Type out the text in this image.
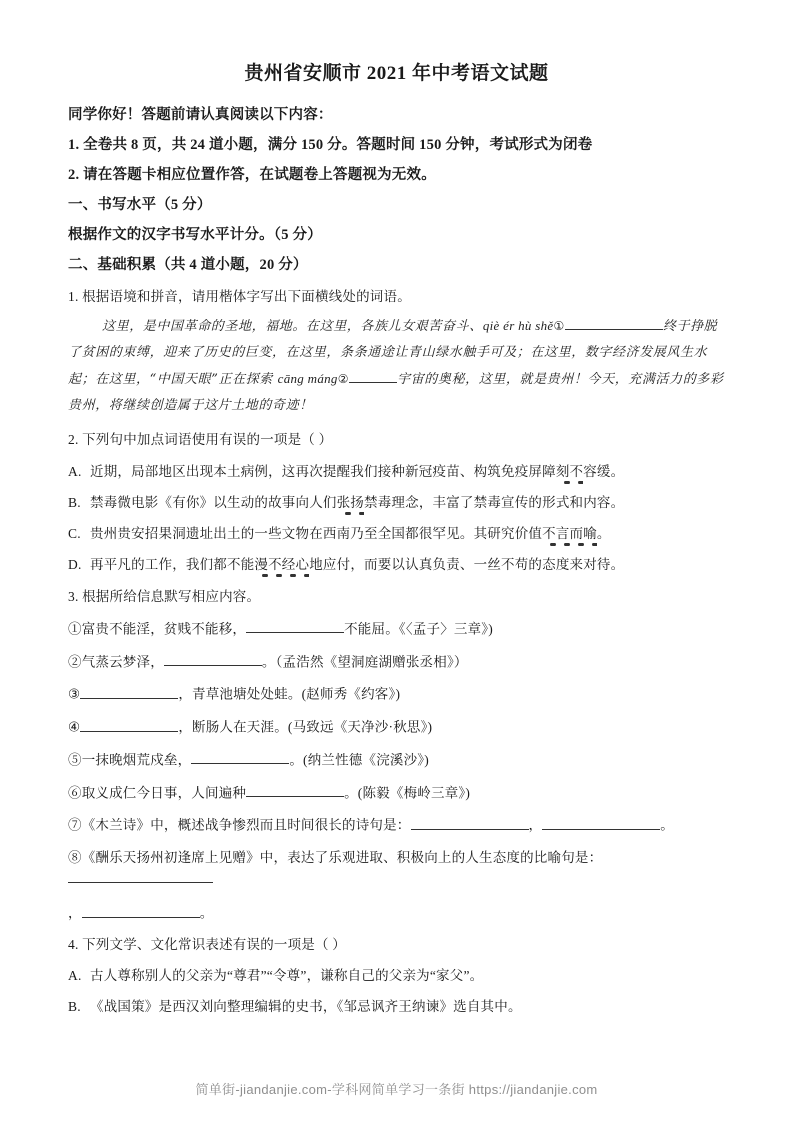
贵州省安顺市 2021 年中考语文试题

同学你好！答题前请认真阅读以下内容：

1. 全卷共 8 页，共 24 道小题，满分 150 分。答题时间 150 分钟，考试形式为闭卷

2. 请在答题卡相应位置作答，在试题卷上答题视为无效。

一、书写水平（5 分）

根据作文的汉字书写水平计分。（5 分）

二、基础积累（共 4 道小题，20 分）

1. 根据语境和拼音，请用楷体字写出下面横线处的词语。

这里，是中国革命的圣地，福地。在这里，各族儿女艰苦奋斗、qiè ér hù shě①	终于挣脱了贫困的束缚，迎来了历史的巨变，在这里，条条通途让青山绿水触手可及；在这里，数字经济发展风生水起；在这里，“中国天眼”正在探索 cāng máng②	宇宙的奥秘，这里，就是贵州！今天，充满活力的多彩贵州，将继续创造属于这片土地的奇迹！

2. 下列句中加点词语使用有误的一项是（ ）

A. 近期，局部地区出现本土病例，这再次提醒我们接种新冠疫苗、构筑免疫屏障刻不容缓。
B. 禁毒微电影《有你》以生动的故事向人们张扬禁毒理念，丰富了禁毒宣传的形式和内容。
C. 贵州贵安招果洞遗址出土的一些文物在西南乃至全国都很罕见。其研究价值不言而喻。
D. 再平凡的工作，我们都不能漫不经心地应付，而要以认真负责、一丝不苟的态度来对待。

3. 根据所给信息默写相应内容。

①富贵不能淫，贫贱不能移，	不能屈。《〈孟子〉三章》)

②气蒸云梦泽，	。（孟浩然《望洞庭湖赠张丞相》）

③	，青草池塘处处蛙。(赵师秀《约客》)

④	，断肠人在天涯。(马致远《天净沙·秋思》)

⑤一抹晚烟荒戍垒，	。(纳兰性德《浣溪沙》)

⑥取义成仁今日事，人间遍种	。(陈毅《梅岭三章》)

⑦《木兰诗》中，概述战争惨烈而且时间很长的诗句是：	，	。

⑧《酬乐天扬州初逢席上见赠》中，表达了乐观进取、积极向上的人生态度的比喻句是：

，	。

4. 下列文学、文化常识表述有误的一项是（ ）

A. 古人尊称别人的父亲为“尊君”“令尊”，谦称自己的父亲为“家父”。
B. 《战国策》是西汉刘向整理编辑的史书，《邹忌讽齐王纳谏》选自其中。
简单街-jiandanjie.com-学科网简单学习一条街 https://jiandanjie.com
